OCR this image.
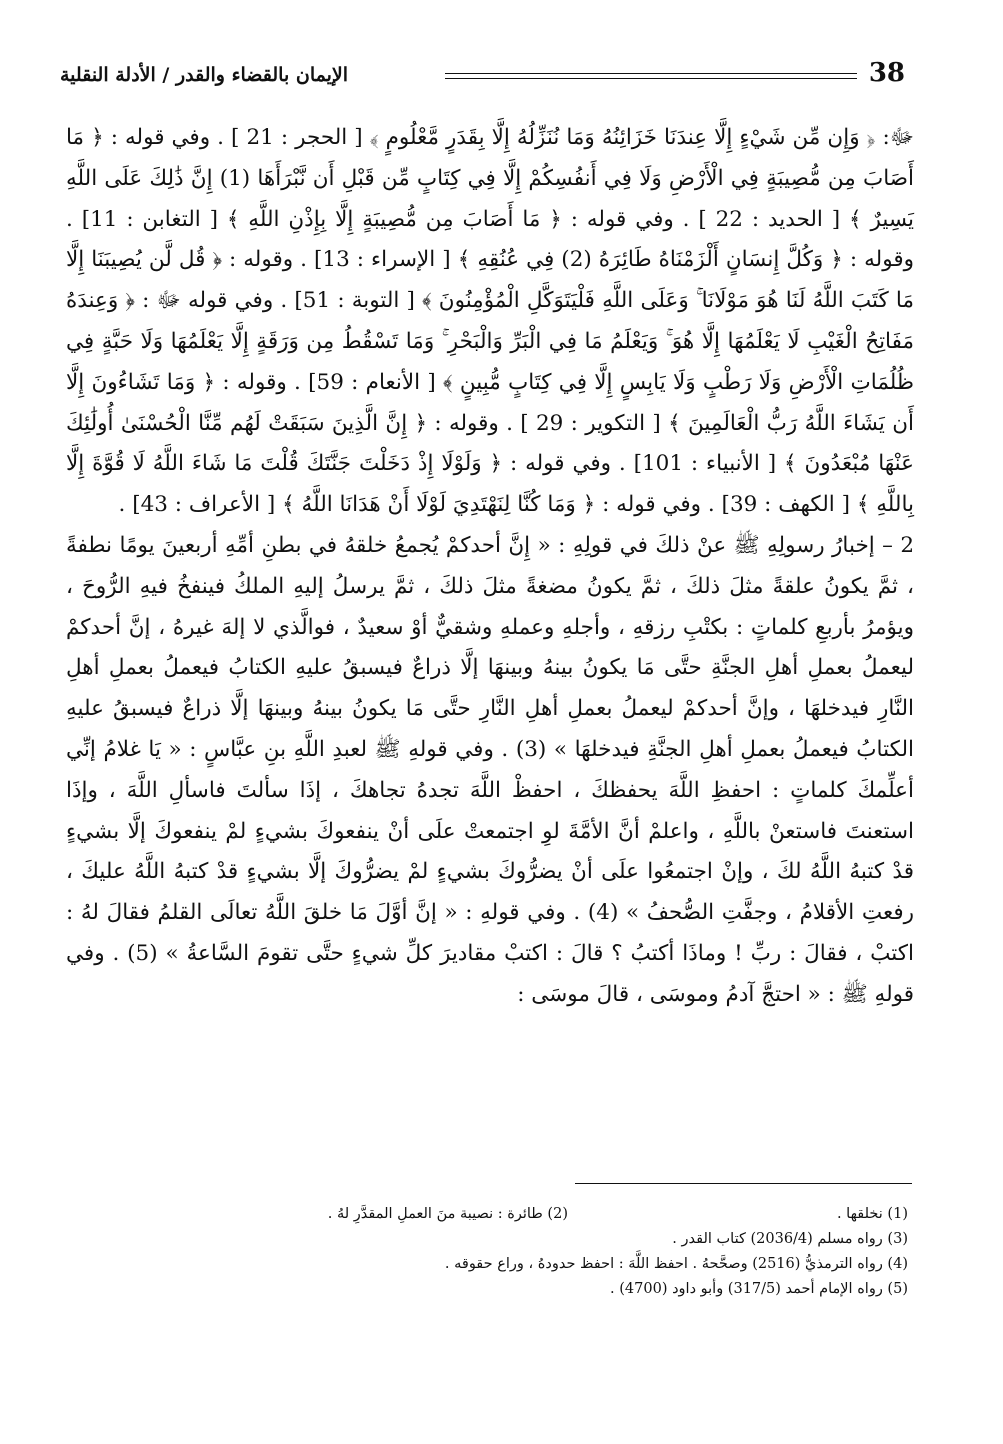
38
الإيمان بالقضاء والقدر / الأدلة النقلية

ﷻ: ﴿ وَإِن مِّن شَيْءٍ إِلَّا عِندَنَا خَزَائِنُهُ وَمَا نُنَزِّلُهُ إِلَّا بِقَدَرٍ مَّعْلُومٍ ﴾ [ الحجر : 21 ] . وفي قوله : ﴿ مَا أَصَابَ مِن مُّصِيبَةٍ فِي الْأَرْضِ وَلَا فِي أَنفُسِكُمْ إِلَّا فِي كِتَابٍ مِّن قَبْلِ أَن نَّبْرَأَهَا (1) إِنَّ ذَٰلِكَ عَلَى اللَّهِ يَسِيرٌ ﴾ [ الحديد : 22 ] . وفي قوله : ﴿ مَا أَصَابَ مِن مُّصِيبَةٍ إِلَّا بِإِذْنِ اللَّهِ ﴾ [ التغابن : 11] . وقوله : ﴿ وَكُلَّ إِنسَانٍ أَلْزَمْنَاهُ طَائِرَهُ (2) فِي عُنُقِهِ ﴾ [ الإسراء : 13] . وقوله : ﴿ قُل لَّن يُصِيبَنَا إِلَّا مَا كَتَبَ اللَّهُ لَنَا هُوَ مَوْلَانَا ۚ وَعَلَى اللَّهِ فَلْيَتَوَكَّلِ الْمُؤْمِنُونَ ﴾ [ التوبة : 51] . وفي قوله ﷻ : ﴿ وَعِندَهُ مَفَاتِحُ الْغَيْبِ لَا يَعْلَمُهَا إِلَّا هُوَ ۚ وَيَعْلَمُ مَا فِي الْبَرِّ وَالْبَحْرِ ۚ وَمَا تَسْقُطُ مِن وَرَقَةٍ إِلَّا يَعْلَمُهَا وَلَا حَبَّةٍ فِي ظُلُمَاتِ الْأَرْضِ وَلَا رَطْبٍ وَلَا يَابِسٍ إِلَّا فِي كِتَابٍ مُّبِينٍ ﴾ [ الأنعام : 59] . وقوله : ﴿ وَمَا تَشَاءُونَ إِلَّا أَن يَشَاءَ اللَّهُ رَبُّ الْعَالَمِينَ ﴾ [ التكوير : 29 ] . وقوله : ﴿ إِنَّ الَّذِينَ سَبَقَتْ لَهُم مِّنَّا الْحُسْنَىٰ أُولَٰئِكَ عَنْهَا مُبْعَدُونَ ﴾ [ الأنبياء : 101] . وفي قوله : ﴿ وَلَوْلَا إِذْ دَخَلْتَ جَنَّتَكَ قُلْتَ مَا شَاءَ اللَّهُ لَا قُوَّةَ إِلَّا بِاللَّهِ ﴾ [ الكهف : 39] . وفي قوله : ﴿ وَمَا كُنَّا لِنَهْتَدِيَ لَوْلَا أَنْ هَدَانَا اللَّهُ ﴾ [ الأعراف : 43] .

2 – إخبارُ رسولِهِ ﷺ عنْ ذلكَ في قولِهِ : « إِنَّ أحدكمْ يُجمعُ خلقهُ في بطنِ أمِّهِ أربعينَ يومًا نطفةً ، ثمَّ يكونُ علقةً مثلَ ذلكَ ، ثمَّ يكونُ مضغةً مثلَ ذلكَ ، ثمَّ يرسلُ إليهِ الملكُ فينفخُ فيهِ الرُّوحَ ، ويؤمرُ بأربعِ كلماتٍ : بكتْبِ رزقهِ ، وأجلهِ وعملهِ وشقيٌّ أوْ سعيدٌ ، فوالَّذي لا إلهَ غيرهُ ، إنَّ أحدكمْ ليعملُ بعملِ أهلِ الجنَّةِ حتَّى مَا يكونُ بينهُ وبينهَا إلَّا ذراعٌ فيسبقُ عليهِ الكتابُ فيعملُ بعملِ أهلِ النَّارِ فيدخلهَا ، وإنَّ أحدكمْ ليعملُ بعملِ أهلِ النَّارِ حتَّى مَا يكونُ بينهُ وبينهَا إلَّا ذراعٌ فيسبقُ عليهِ الكتابُ فيعملُ بعملِ أهلِ الجنَّةِ فيدخلهَا » (3) . وفي قولهِ ﷺ لعبدِ اللَّهِ بنِ عبَّاسٍ : « يَا غلامُ إنِّي أعلِّمكَ كلماتٍ : احفظِ اللَّهَ يحفظكَ ، احفظْ اللَّهَ تجدهُ تجاهكَ ، إذَا سألتَ فاسألِ اللَّهَ ، وإذَا استعنتَ فاستعنْ باللَّهِ ، واعلمْ أنَّ الأمَّةَ لوِ اجتمعتْ علَى أنْ ينفعوكَ بشيءٍ لمْ ينفعوكَ إلَّا بشيءٍ قدْ كتبهُ اللَّهُ لكَ ، وإنْ اجتمعُوا علَى أنْ يضرُّوكَ بشيءٍ لمْ يضرُّوكَ إلَّا بشيءٍ قدْ كتبهُ اللَّهُ عليكَ ، رفعتِ الأقلامُ ، وجفَّتِ الصُّحفُ » (4) . وفي قولهِ : « إنَّ أوَّلَ مَا خلقَ اللَّهُ تعالَى القلمُ فقالَ لهُ : اكتبْ ، فقالَ : ربِّ ! وماذَا أكتبُ ؟ قالَ : اكتبْ مقاديرَ كلِّ شيءٍ حتَّى تقومَ السَّاعةُ » (5) . وفي قولهِ ﷺ : « احتجَّ آدمُ وموسَى ، قالَ موسَى :

(1) نخلقها .
(2) طائرة : نصيبة منَ العملِ المقدَّرِ لهُ .
(3) رواه مسلم (2036/4) كتاب القدر .
(4) رواه الترمذيُّ (2516) وصحَّحهُ . احفظ اللَّهَ : احفظ حدودهُ ، وراع حقوقه .
(5) رواه الإمام أحمد (317/5) وأبو داود (4700) .
